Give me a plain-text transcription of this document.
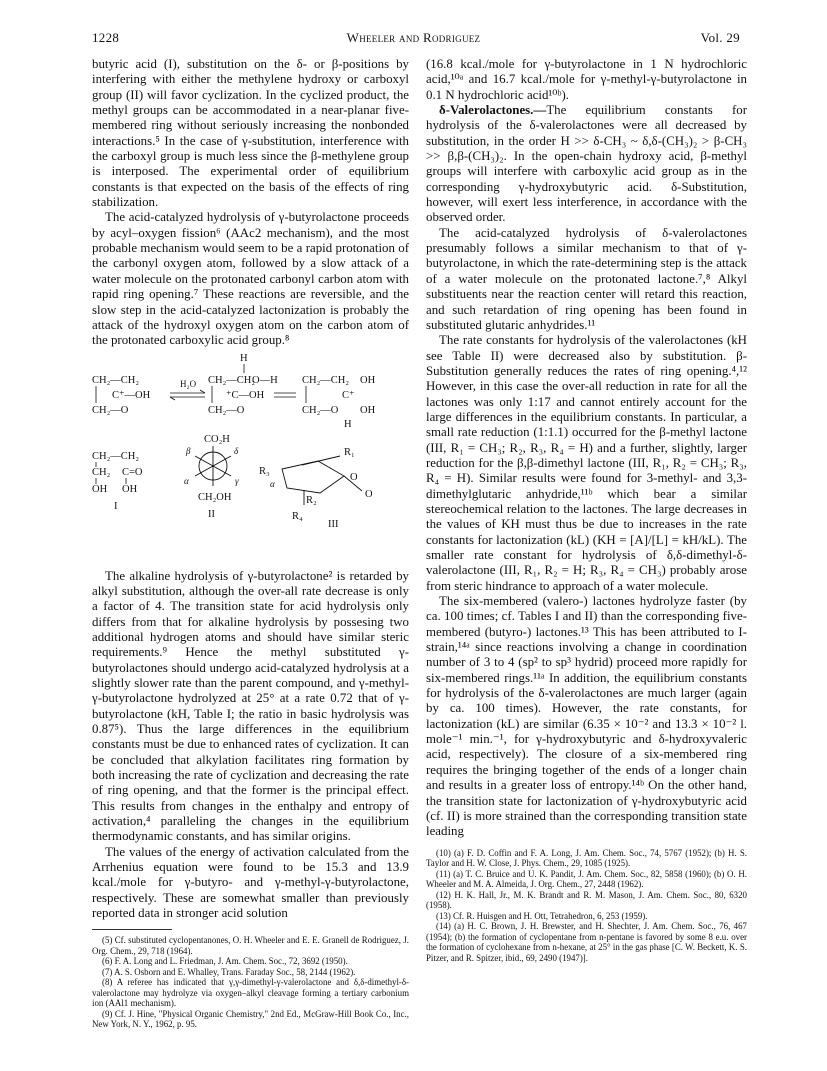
1228	Wheeler and Rodriguez	Vol. 29

butyric acid (I), substitution on the δ- or β-positions by interfering with either the methylene hydroxy or carboxyl group (II) will favor cyclization. In the cyclized product, the methyl groups can be accommodated in a near-planar five-membered ring without seriously increasing the nonbonded interactions.⁵ In the case of γ-substitution, interference with the carboxyl group is much less since the β-methylene group is interposed. The experimental order of equilibrium constants is that expected on the basis of the effects of ring stabilization.

The acid-catalyzed hydrolysis of γ-butyrolactone proceeds by acyl–oxygen fission⁶ (AAc2 mechanism), and the most probable mechanism would seem to be a rapid protonation of the carbonyl oxygen atom, followed by a slow attack of a water molecule on the protonated carbonyl carbon atom with rapid ring opening.⁷ These reactions are reversible, and the slow step in the acid-catalyzed lactonization is probably the attack of the hydroxyl oxygen atom on the carbon atom of the protonated carboxylic acid group.⁸

H
CH₂—CH₂
C⁺—OH
CH₂—O
H₂O CH₂—CH₂
O—H
⁺C—OH
CH₂—O
CH₂—CH₂ OH
C⁺
CH₂—O OH
H
CH₂—CH₂
CH₂ C=O
OH OH
I
CO₂H
β	δ
α	γ
CH₂OH
II
R₁
R₃
O
O
R₂
R₄
α
III

The alkaline hydrolysis of γ-butyrolactone² is retarded by alkyl substitution, although the over-all rate decrease is only a factor of 4. The transition state for acid hydrolysis only differs from that for alkaline hydrolysis by possesing two additional hydrogen atoms and should have similar steric requirements.⁹ Hence the methyl substituted γ-butyrolactones should undergo acid-catalyzed hydrolysis at a slightly slower rate than the parent compound, and γ-methyl-γ-butyrolactone hydrolyzed at 25° at a rate 0.72 that of γ-butyrolactone (kH, Table I; the ratio in basic hydrolysis was 0.87⁵). Thus the large differences in the equilibrium constants must be due to enhanced rates of cyclization. It can be concluded that alkylation facilitates ring formation by both increasing the rate of cyclization and decreasing the rate of ring opening, and that the former is the principal effect. This results from changes in the enthalpy and entropy of activation,⁴ paralleling the changes in the equilibrium thermodynamic constants, and has similar origins.

The values of the energy of activation calculated from the Arrhenius equation were found to be 15.3 and 13.9 kcal./mole for γ-butyro- and γ-methyl-γ-butyrolactone, respectively. These are somewhat smaller than previously reported data in stronger acid solution

(5) Cf. substituted cyclopentanones, O. H. Wheeler and E. E. Granell de Rodriguez, J. Org. Chem., 29, 718 (1964).
(6) F. A. Long and L. Friedman, J. Am. Chem. Soc., 72, 3692 (1950).
(7) A. S. Osborn and E. Whalley, Trans. Faraday Soc., 58, 2144 (1962).
(8) A referee has indicated that γ,γ-dimethyl-γ-valerolactone and δ,δ-dimethyl-δ-valerolactone may hydrolyze via oxygen–alkyl cleavage forming a tertiary carbonium ion (AAl1 mechanism).
(9) Cf. J. Hine, "Physical Organic Chemistry," 2nd Ed., McGraw-Hill Book Co., Inc., New York, N. Y., 1962, p. 95.

(16.8 kcal./mole for γ-butyrolactone in 1 N hydrochloric acid,¹⁰ᵃ and 16.7 kcal./mole for γ-methyl-γ-butyrolactone in 0.1 N hydrochloric acid¹⁰ᵇ).

δ-Valerolactones.—The equilibrium constants for hydrolysis of the δ-valerolactones were all decreased by substitution, in the order H >> δ-CH₃ ~ δ,δ-(CH₃)₂ > β-CH₃ >> β,β-(CH₃)₂. In the open-chain hydroxy acid, β-methyl groups will interfere with carboxylic acid group as in the corresponding γ-hydroxybutyric acid. δ-Substitution, however, will exert less interference, in accordance with the observed order.

The acid-catalyzed hydrolysis of δ-valerolactones presumably follows a similar mechanism to that of γ-butyrolactone, in which the rate-determining step is the attack of a water molecule on the protonated lactone.⁷,⁸ Alkyl substituents near the reaction center will retard this reaction, and such retardation of ring opening has been found in substituted glutaric anhydrides.¹¹

The rate constants for hydrolysis of the valerolactones (kH see Table II) were decreased also by substitution. β-Substitution generally reduces the rates of ring opening.⁴,¹² However, in this case the over-all reduction in rate for all the lactones was only 1:17 and cannot entirely account for the large differences in the equilibrium constants. In particular, a small rate reduction (1:1.1) occurred for the β-methyl lactone (III, R₁ = CH₃; R₂, R₃, R₄ = H) and a further, slightly, larger reduction for the β,β-dimethyl lactone (III, R₁, R₂ = CH₃; R₃, R₄ = H). Similar results were found for 3-methyl- and 3,3-dimethylglutaric anhydride,¹¹ᵇ which bear a similar stereochemical relation to the lactones. The large decreases in the values of KH must thus be due to increases in the rate constants for lactonization (kL) (KH = [A]/[L] = kH/kL). The smaller rate constant for hydrolysis of δ,δ-dimethyl-δ-valerolactone (III, R₁, R₂ = H; R₃, R₄ = CH₃) probably arose from steric hindrance to approach of a water molecule.

The six-membered (valero-) lactones hydrolyze faster (by ca. 100 times; cf. Tables I and II) than the corresponding five-membered (butyro-) lactones.¹³ This has been attributed to I-strain,¹⁴ᵃ since reactions involving a change in coordination number of 3 to 4 (sp² to sp³ hydrid) proceed more rapidly for six-membered rings.¹¹ᵃ In addition, the equilibrium constants for hydrolysis of the δ-valerolactones are much larger (again by ca. 100 times). However, the rate constants, for lactonization (kL) are similar (6.35 × 10⁻² and 13.3 × 10⁻² l. mole⁻¹ min.⁻¹, for γ-hydroxybutyric and δ-hydroxyvaleric acid, respectively). The closure of a six-membered ring requires the bringing together of the ends of a longer chain and results in a greater loss of entropy.¹⁴ᵇ On the other hand, the transition state for lactonization of γ-hydroxybutyric acid (cf. II) is more strained than the corresponding transition state leading

(10) (a) F. D. Coffin and F. A. Long, J. Am. Chem. Soc., 74, 5767 (1952); (b) H. S. Taylor and H. W. Close, J. Phys. Chem., 29, 1085 (1925).
(11) (a) T. C. Bruice and U. K. Pandit, J. Am. Chem. Soc., 82, 5858 (1960); (b) O. H. Wheeler and M. A. Almeida, J. Org. Chem., 27, 2448 (1962).
(12) H. K. Hall, Jr., M. K. Brandt and R. M. Mason, J. Am. Chem. Soc., 80, 6320 (1958).
(13) Cf. R. Huisgen and H. Ott, Tetrahedron, 6, 253 (1959).
(14) (a) H. C. Brown, J. H. Brewster, and H. Shechter, J. Am. Chem. Soc., 76, 467 (1954); (b) the formation of cyclopentane from n-pentane is favored by some 8 e.u. over the formation of cyclohexane from n-hexane, at 25° in the gas phase [C. W. Beckett, K. S. Pitzer, and R. Spitzer, ibid., 69, 2490 (1947)].
